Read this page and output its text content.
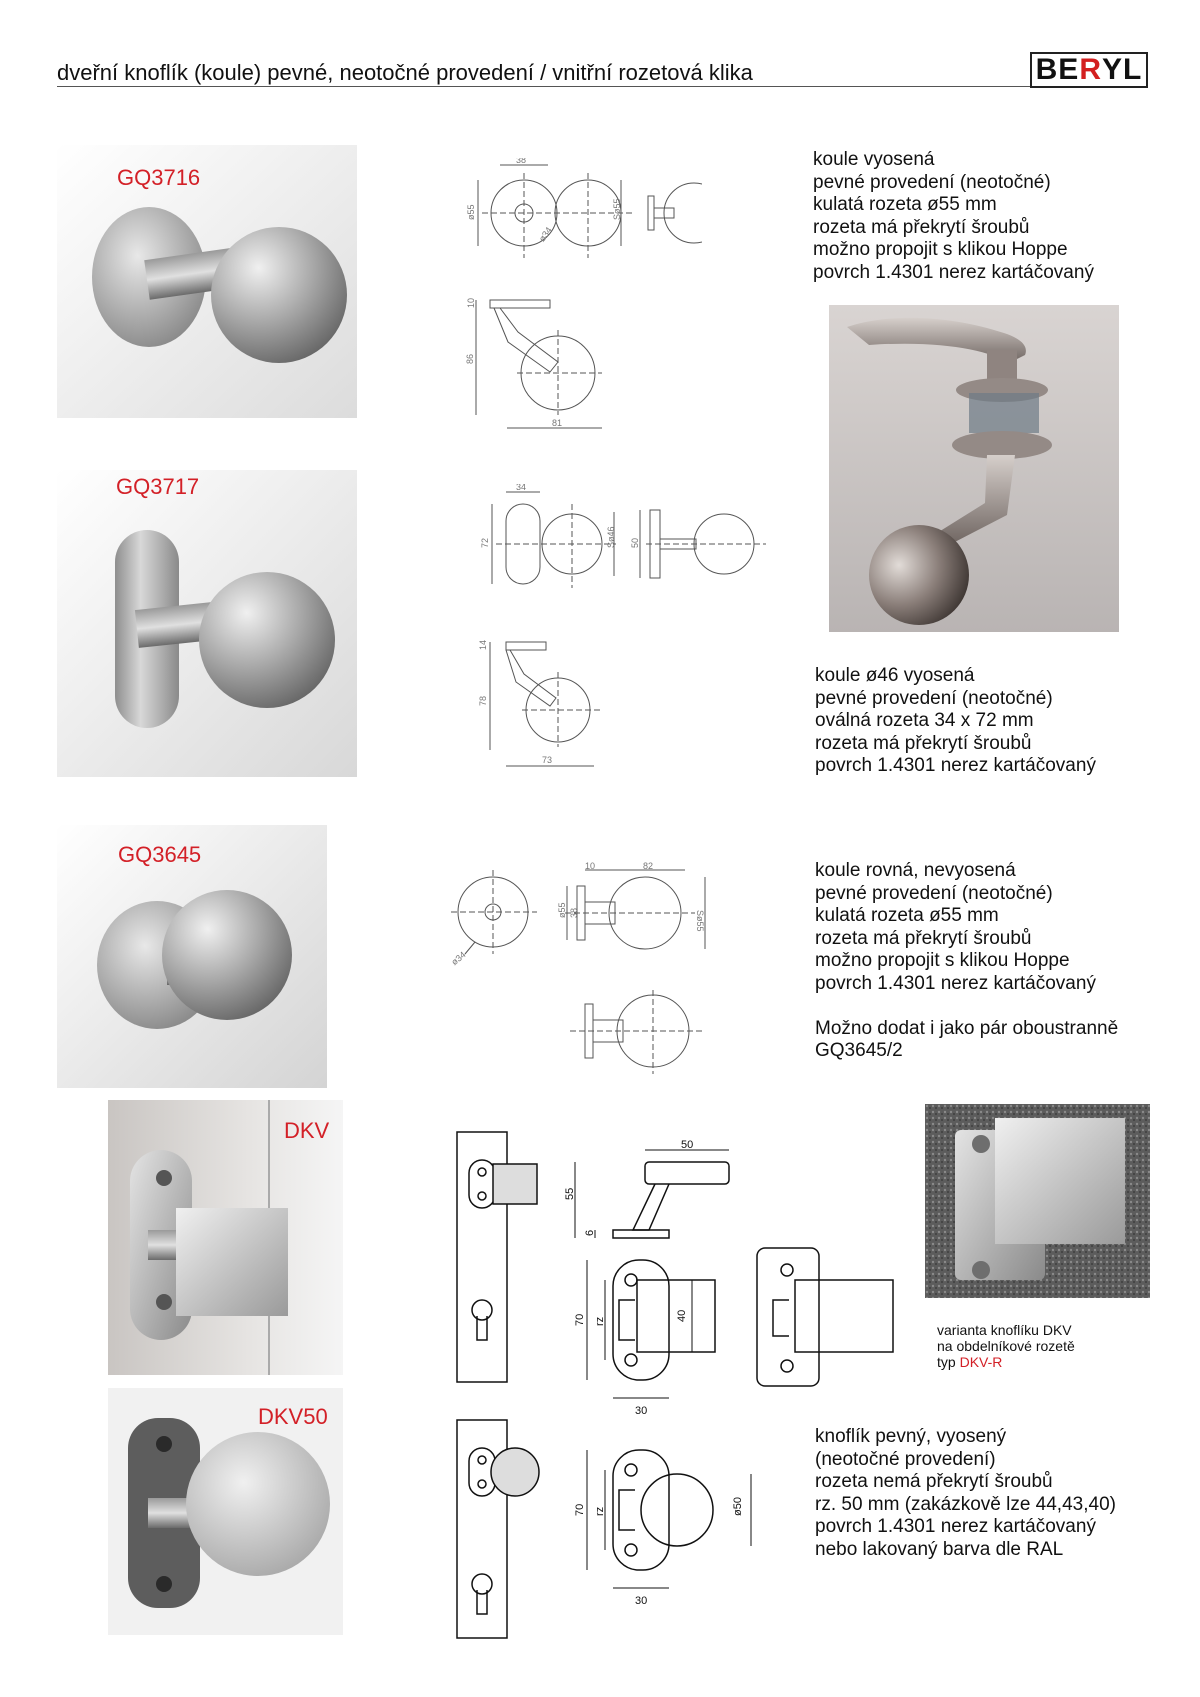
dveřní knoflík (koule) pevné, neotočné provedení / vnitřní rozetová klika	BE R YL
GQ3716
38
ø55	Sø55
ø34
10
86
81
koule vyosená
pevné provedení (neotočné)
kulatá rozeta ø55 mm
rozeta má překrytí šroubů
možno propojit s klikou Hoppe
povrch 1.4301 nerez kartáčovaný
GQ3717	34
72	Sø46 50
14
78
73
koule ø46 vyosená
pevné provedení (neotočné)
oválná rozeta 34 x 72 mm
rozeta má překrytí šroubů
povrch 1.4301 nerez kartáčovaný
GQ3645	10	82
Sø55
ø55 38
ø34
koule rovná, nevyosená
pevné provedení (neotočné)
kulatá rozeta ø55 mm
rozeta má překrytí šroubů
možno propojit s klikou Hoppe
povrch 1.4301 nerez kartáčovaný

Možno dodat i jako pár oboustranně
GQ3645/2
DKV
50
55
6
70 rz	40
30
varianta knoflíku DKV
na obdelníkové rozetě
typ DKV-R
DKV50
70 rz	ø50
30
knoflík pevný, vyosený
(neotočné provedení)
rozeta nemá překrytí šroubů
rz. 50 mm (zakázkově lze 44,43,40)
povrch 1.4301 nerez kartáčovaný
nebo lakovaný barva dle RAL
